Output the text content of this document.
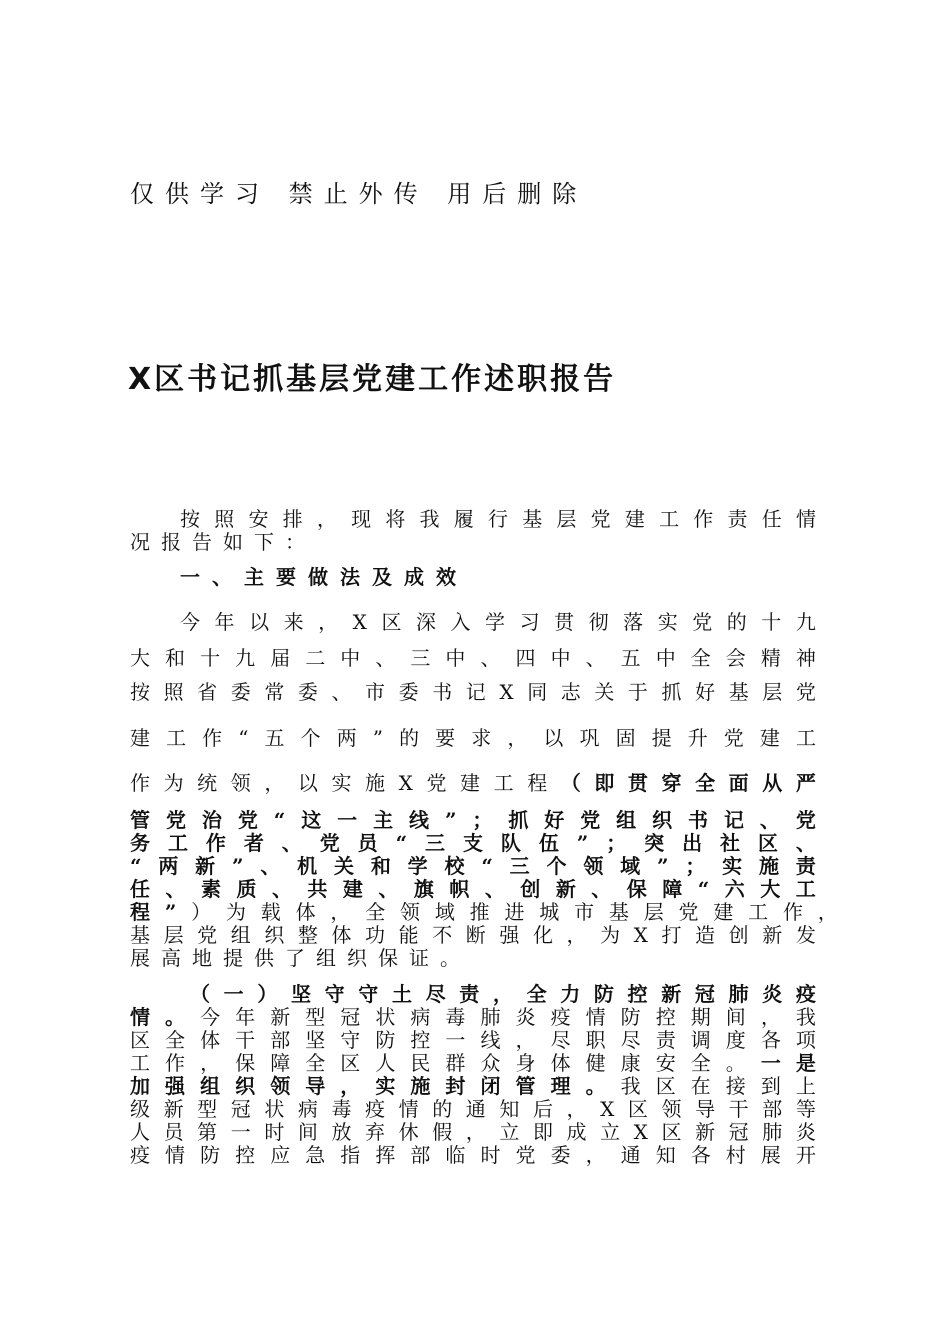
仅供学习 禁止外传 用后删除
X区书记抓基层党建工作述职报告
按 照 安 排 ， 现 将 我 履 行 基 层 党 建 工 作 责 任 情
况报告如下：
一、主要做法及成效
今 年 以 来 ， X 区 深 入 学 习 贯 彻 落 实 党 的 十 九
大 和 十 九 届 二 中 、 三 中 、 四 中 、 五 中 全 会 精 神
按 照 省 委 常 委 、 市 委 书 记 X 同 志 关 于 抓 好 基 层 党
建 工 作 “ 五 个 两 ” 的 要 求 ， 以 巩 固 提 升 党 建 工
作 为 统 领 ， 以 实 施 X 党 建 工 程 （ 即 贯 穿 全 面 从 严
管 党 治 党 “ 这 一 主 线 ” ； 抓 好 党 组 织 书 记 、 党
务 工 作 者 、 党 员 “ 三 支 队 伍 ” ； 突 出 社 区 、
“ 两 新 ” 、 机 关 和 学 校 “ 三 个 领 域 ” ； 实 施 责
任 、 素 质 、 共 建 、 旗 帜 、 创 新 、 保 障 “ 六 大 工
程 ” ） 为 载 体 ， 全 领 域 推 进 城 市 基 层 党 建 工 作 ，
基 层 党 组 织 整 体 功 能 不 断 强 化 ， 为 X 打 造 创 新 发
展高地提供了组织保证。
（ 一 ） 坚 守 守 土 尽 责 ， 全 力 防 控 新 冠 肺 炎 疫
情 。 今 年 新 型 冠 状 病 毒 肺 炎 疫 情 防 控 期 间 ， 我
区 全 体 干 部 坚 守 防 控 一 线 ， 尽 职 尽 责 调 度 各 项
工 作 ， 保 障 全 区 人 民 群 众 身 体 健 康 安 全 。 一 是
加 强 组 织 领 导 ， 实 施 封 闭 管 理 。 我 区 在 接 到 上
级 新 型 冠 状 病 毒 疫 情 的 通 知 后 ， X 区 领 导 干 部 等
人 员 第 一 时 间 放 弃 休 假 ， 立 即 成 立 X 区 新 冠 肺 炎
疫 情 防 控 应 急 指 挥 部 临 时 党 委 ， 通 知 各 村 展 开
